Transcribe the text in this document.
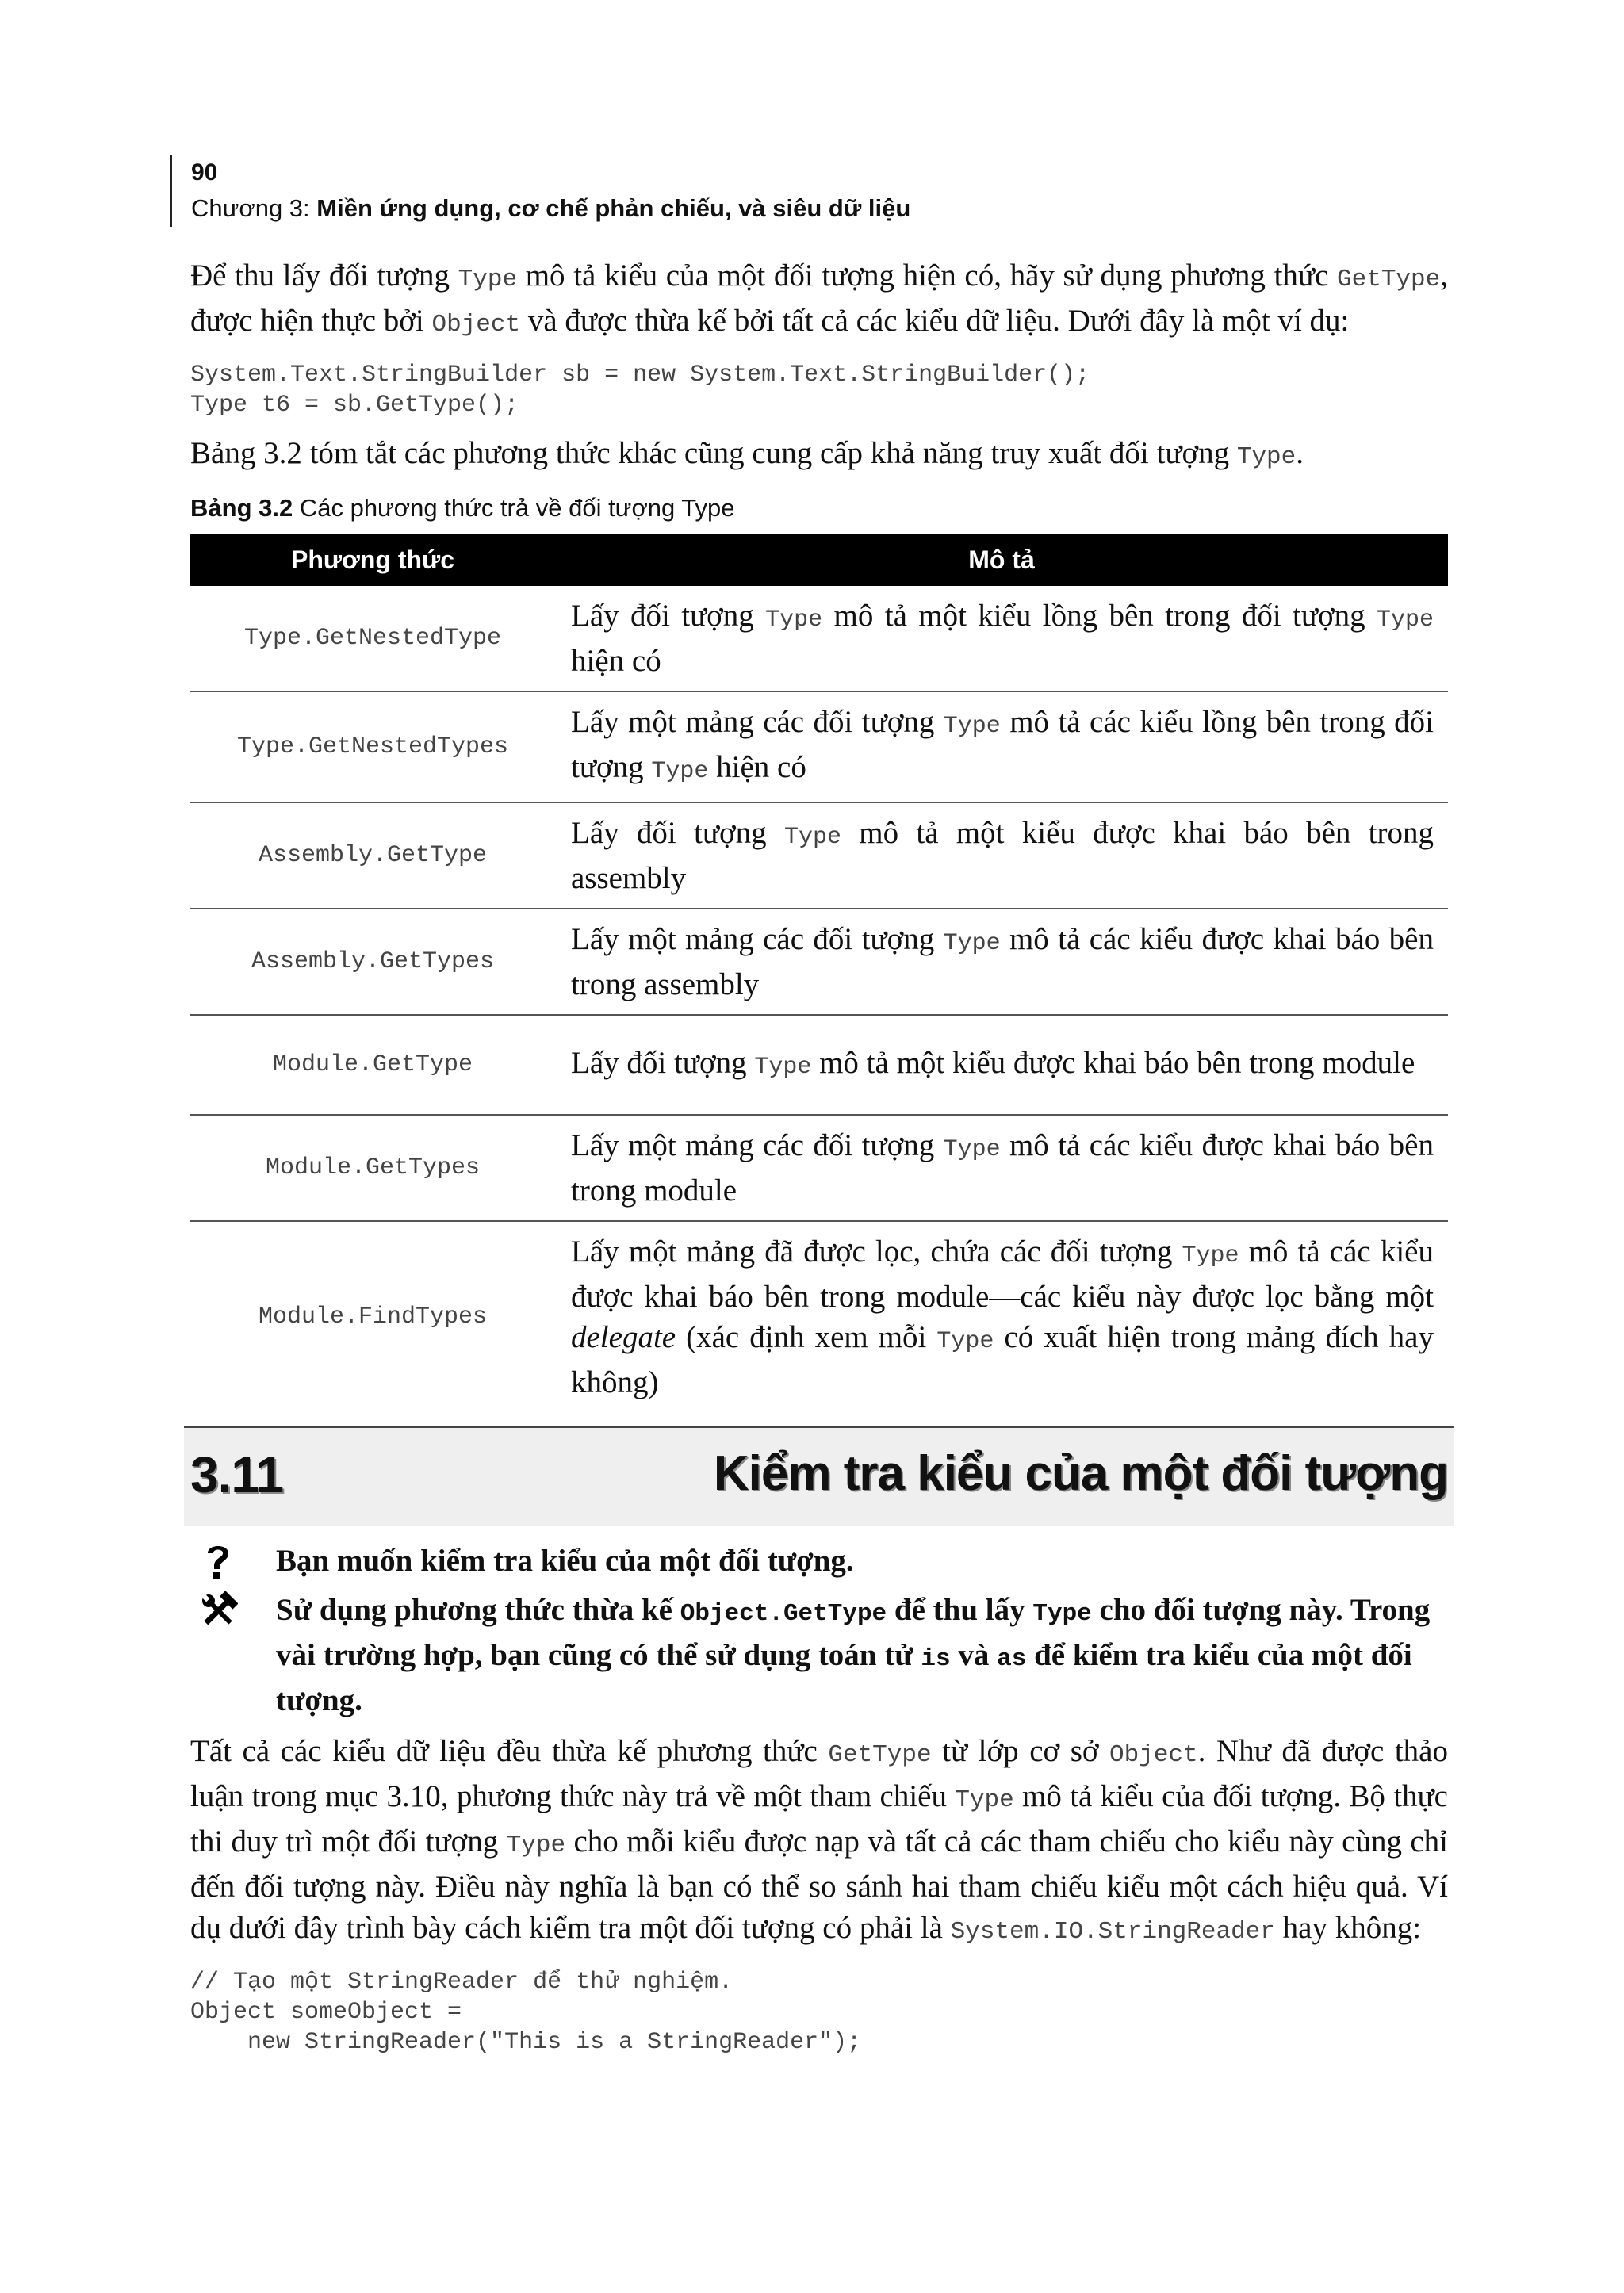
90
Chương 3: Miền ứng dụng, cơ chế phản chiếu, và siêu dữ liệu

Để thu lấy đối tượng Type mô tả kiểu của một đối tượng hiện có, hãy sử dụng phương thức GetType, được hiện thực bởi Object và được thừa kế bởi tất cả các kiểu dữ liệu. Dưới đây là một ví dụ:

System.Text.StringBuilder sb = new System.Text.StringBuilder();
Type t6 = sb.GetType();

Bảng 3.2 tóm tắt các phương thức khác cũng cung cấp khả năng truy xuất đối tượng Type.

Bảng 3.2 Các phương thức trả về đối tượng Type
Phương thức	Mô tả
Type.GetNestedType	Lấy đối tượng Type mô tả một kiểu lồng bên trong đối tượng Type hiện có
Type.GetNestedTypes	Lấy một mảng các đối tượng Type mô tả các kiểu lồng bên trong đối tượng Type hiện có
Assembly.GetType	Lấy đối tượng Type mô tả một kiểu được khai báo bên trong assembly
Assembly.GetTypes	Lấy một mảng các đối tượng Type mô tả các kiểu được khai báo bên trong assembly
Module.GetType	Lấy đối tượng Type mô tả một kiểu được khai báo bên trong module
Module.GetTypes	Lấy một mảng các đối tượng Type mô tả các kiểu được khai báo bên trong module
Module.FindTypes	Lấy một mảng đã được lọc, chứa các đối tượng Type mô tả các kiểu được khai báo bên trong module—các kiểu này được lọc bằng một delegate (xác định xem mỗi Type có xuất hiện trong mảng đích hay không)
3.11	Kiểm tra kiểu của một đối tượng
Bạn muốn kiểm tra kiểu của một đối tượng.
Sử dụng phương thức thừa kế Object.GetType để thu lấy Type cho đối tượng này. Trong vài trường hợp, bạn cũng có thể sử dụng toán tử is và as để kiểm tra kiểu của một đối tượng.

Tất cả các kiểu dữ liệu đều thừa kế phương thức GetType từ lớp cơ sở Object. Như đã được thảo luận trong mục 3.10, phương thức này trả về một tham chiếu Type mô tả kiểu của đối tượng. Bộ thực thi duy trì một đối tượng Type cho mỗi kiểu được nạp và tất cả các tham chiếu cho kiểu này cùng chỉ đến đối tượng này. Điều này nghĩa là bạn có thể so sánh hai tham chiếu kiểu một cách hiệu quả. Ví dụ dưới đây trình bày cách kiểm tra một đối tượng có phải là System.IO.StringReader hay không:

// Tạo một StringReader để thử nghiệm.
Object someObject =
new StringReader("This is a StringReader");
